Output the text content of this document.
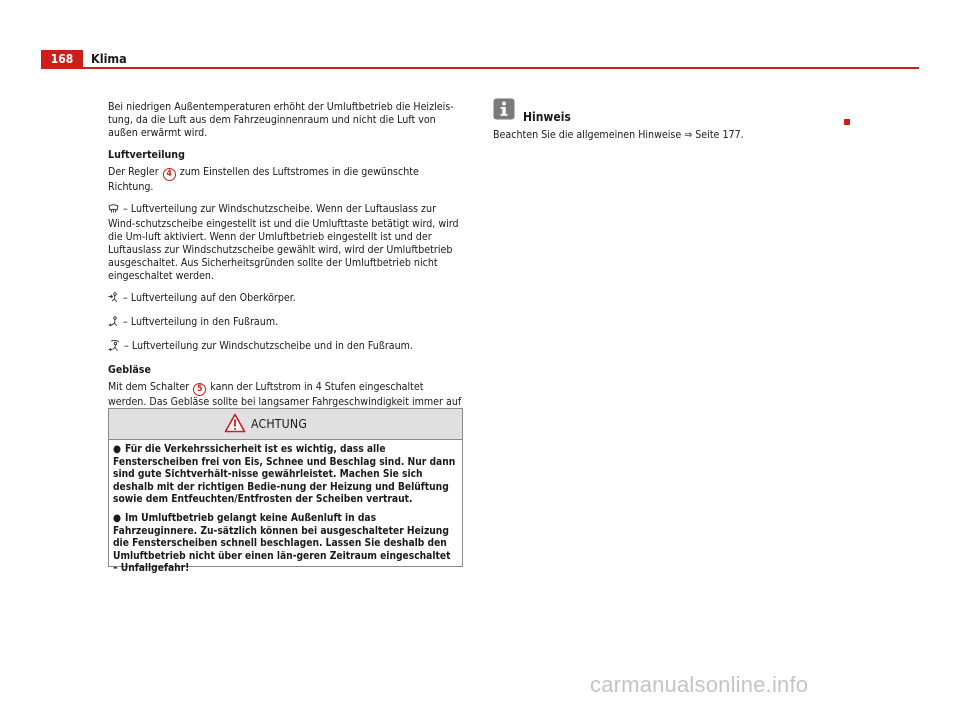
168	Klima

Bei niedrigen Außentemperaturen erhöht der Umluftbetrieb die Heizleis-tung, da die Luft aus dem Fahrzeuginnenraum und nicht die Luft von außen erwärmt wird.

Luftverteilung

Der Regler 4 zum Einstellen des Luftstromes in die gewünschte Richtung.

– Luftverteilung zur Windschutzscheibe. Wenn der Luftauslass zur Wind-schutzscheibe eingestellt ist und die Umlufttaste betätigt wird, wird die Um-luft aktiviert. Wenn der Umluftbetrieb eingestellt ist und der Luftauslass zur Windschutzscheibe gewählt wird, wird der Umluftbetrieb ausgeschaltet. Aus Sicherheitsgründen sollte der Umluftbetrieb nicht eingeschaltet werden.

– Luftverteilung auf den Oberkörper.

– Luftverteilung in den Fußraum.

– Luftverteilung zur Windschutzscheibe und in den Fußraum.

Gebläse

Mit dem Schalter 5 kann der Luftstrom in 4 Stufen eingeschaltet werden. Das Gebläse sollte bei langsamer Fahrgeschwindigkeit immer auf

ACHTUNG

● Für die Verkehrssicherheit ist es wichtig, dass alle Fensterscheiben frei von Eis, Schnee und Beschlag sind. Nur dann sind gute Sichtverhält-nisse gewährleistet. Machen Sie sich deshalb mit der richtigen Bedie-nung der Heizung und Belüftung sowie dem Entfeuchten/Entfrosten der Scheiben vertraut.

● Im Umluftbetrieb gelangt keine Außenluft in das Fahrzeuginnere. Zu-sätzlich können bei ausgeschalteter Heizung die Fensterscheiben schnell beschlagen. Lassen Sie deshalb den Umluftbetrieb nicht über einen län-geren Zeitraum eingeschaltet – Unfallgefahr!

Hinweis
Beachten Sie die allgemeinen Hinweise ⇒ Seite 177.
carmanualsonline.info
